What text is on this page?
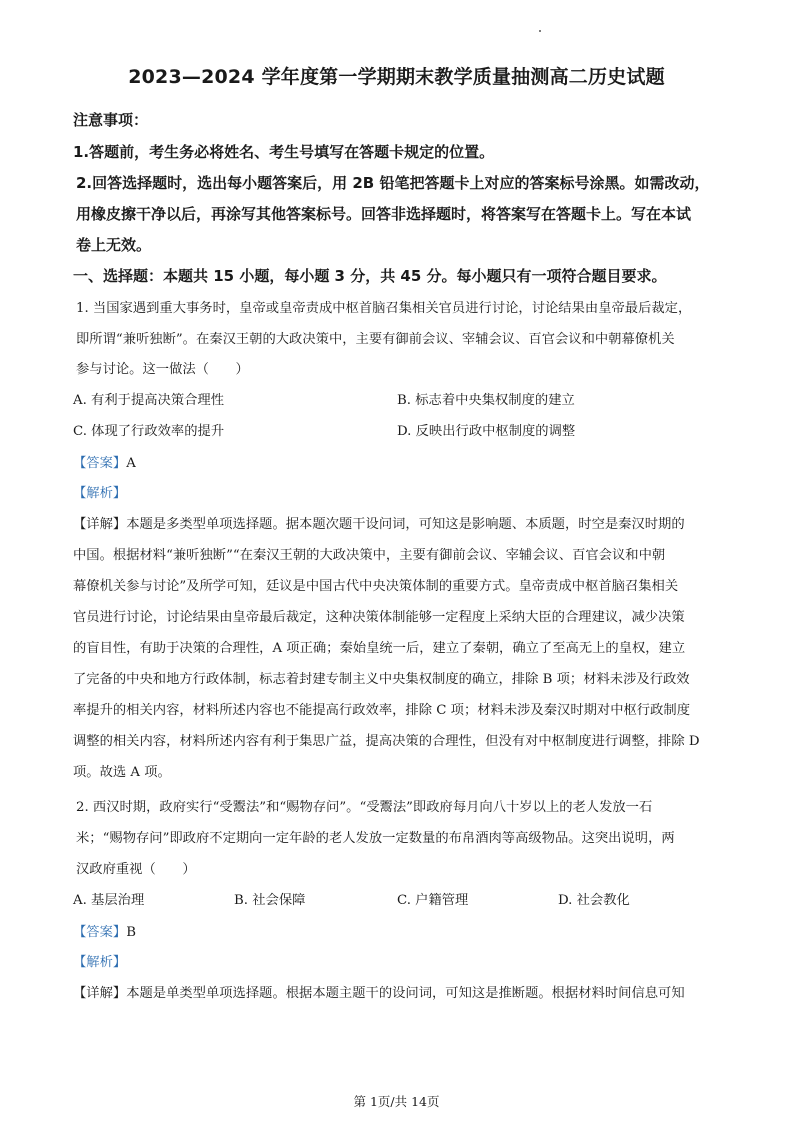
2023—2024 学年度第一学期期末教学质量抽测高二历史试题
注意事项：
1.答题前，考生务必将姓名、考生号填写在答题卡规定的位置。
2.回答选择题时，选出每小题答案后，用 2B 铅笔把答题卡上对应的答案标号涂黑。如需改动，
用橡皮擦干净以后，再涂写其他答案标号。回答非选择题时，将答案写在答题卡上。写在本试
卷上无效。
一、选择题：本题共 15 小题，每小题 3 分，共 45 分。每小题只有一项符合题目要求。
1. 当国家遇到重大事务时，皇帝或皇帝责成中枢首脑召集相关官员进行讨论，讨论结果由皇帝最后裁定，
即所谓“兼听独断”。在秦汉王朝的大政决策中，主要有御前会议、宰辅会议、百官会议和中朝幕僚机关
参与讨论。这一做法（　　）
A. 有利于提高决策合理性	B. 标志着中央集权制度的建立
C. 体现了行政效率的提升	D. 反映出行政中枢制度的调整
【答案】A
【解析】
【详解】本题是多类型单项选择题。据本题次题干设问词，可知这是影响题、本质题，时空是秦汉时期的
中国。根据材料“兼听独断”“在秦汉王朝的大政决策中，主要有御前会议、宰辅会议、百官会议和中朝
幕僚机关参与讨论”及所学可知，廷议是中国古代中央决策体制的重要方式。皇帝责成中枢首脑召集相关
官员进行讨论，讨论结果由皇帝最后裁定，这种决策体制能够一定程度上采纳大臣的合理建议，减少决策
的盲目性，有助于决策的合理性，A 项正确；秦始皇统一后，建立了秦朝，确立了至高无上的皇权，建立
了完备的中央和地方行政体制，标志着封建专制主义中央集权制度的确立，排除 B 项；材料未涉及行政效
率提升的相关内容，材料所述内容也不能提高行政效率，排除 C 项；材料未涉及秦汉时期对中枢行政制度
调整的相关内容，材料所述内容有利于集思广益，提高决策的合理性，但没有对中枢制度进行调整，排除 D
项。故选 A 项。
2. 西汉时期，政府实行“受鬻法”和“赐物存问”。“受鬻法”即政府每月向八十岁以上的老人发放一石
米；“赐物存问”即政府不定期向一定年龄的老人发放一定数量的布帛酒肉等高级物品。这突出说明，两
汉政府重视（　　）
A. 基层治理	B. 社会保障	C. 户籍管理	D. 社会教化
【答案】B
【解析】
【详解】本题是单类型单项选择题。根据本题主题干的设问词，可知这是推断题。根据材料时间信息可知
第 1页/共 14页
